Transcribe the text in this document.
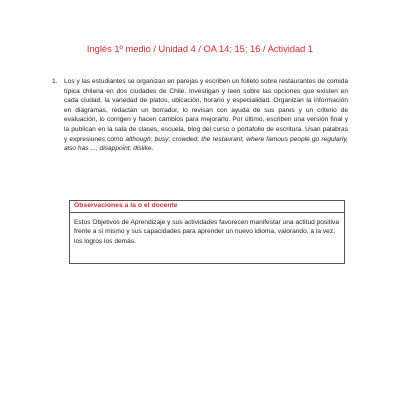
Inglés 1º medio / Unidad 4 / OA 14; 15; 16 / Actividad 1
1. Los y las estudiantes se organizan en parejas y escriben un folleto sobre restaurantes de comida típica chilena en dos ciudades de Chile. Investigan y leen sobre las opciones que existen en cada ciudad, la variedad de platos, ubicación, horario y especialidad. Organizan la información en diagramas, redactan un borrador, lo revisan con ayuda de sus pares y un criterio de evaluación, lo corrigen y hacen cambios para mejorarlo. Por último, escriben una versión final y la publican en la sala de clases, escuela, blog del curso o portafolio de escritura. Usan palabras y expresiones como although; busy; crowded; the restaurant, where famous people go regularly, also has ...; disappoint; dislike.
Observaciones a la o el docente
Estos Objetivos de Aprendizaje y sus actividades favorecen manifestar una actitud positiva frente a sí mismo y sus capacidades para aprender un nuevo idioma, valorando, a la vez, los logros los demás.
